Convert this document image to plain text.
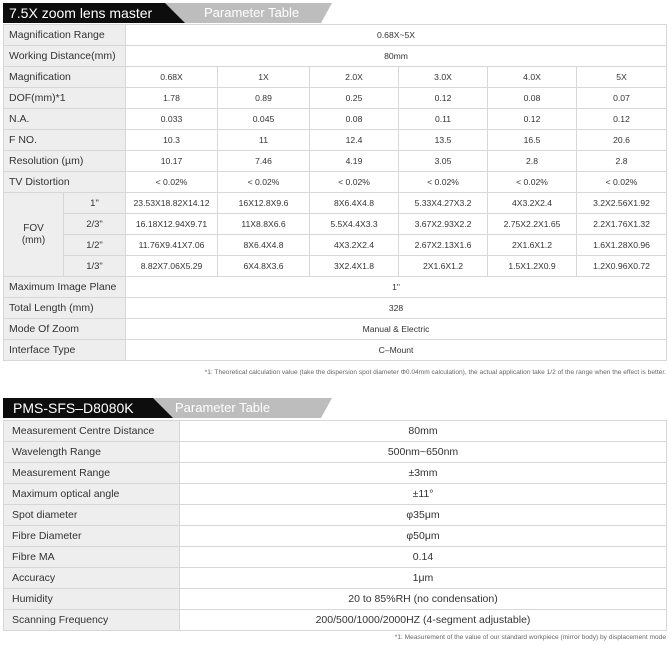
7.5X zoom lens master	Parameter Table
Magnification Range		0.68X~5X					
Working Distance(mm)		80mm					
Magnification		0.68X	1X	2.0X	3.0X	4.0X	5X
DOF(mm)*1		1.78	0.89	0.25	0.12	0.08	0.07
N.A.		0.033	0.045	0.08	0.11	0.12	0.12
F NO.		10.3	11	12.4	13.5	16.5	20.6
Resolution (µm)		10.17	7.46	4.19	3.05	2.8	2.8
TV Distortion		< 0.02%	< 0.02%	< 0.02%	< 0.02%	< 0.02%	< 0.02%

FOV
(mm)	1"	23.53X18.82X14.12	16X12.8X9.6	8X6.4X4.8	5.33X4.27X3.2	4X3.2X2.4	3.2X2.56X1.92
	2/3"	16.18X12.94X9.71	11X8.8X6.6	5.5X4.4X3.3	3.67X2.93X2.2	2.75X2.2X1.65	2.2X1.76X1.32
	1/2"	11.76X9.41X7.06	8X6.4X4.8	4X3.2X2.4	2.67X2.13X1.6	2X1.6X1.2	1.6X1.28X0.96
	1/3"	8.82X7.06X5.29	6X4.8X3.6	3X2.4X1.8	2X1.6X1.2	1.5X1.2X0.9	1.2X0.96X0.72
Maximum Image Plane		1"					
Total Length (mm)		328					
Mode Of Zoom		Manual & Electric					
Interface Type		C–Mount					
*1: Theoretical calculation value (take the dispersion spot diameter Φ0.04mm calculation), the actual application take 1/2 of the range when the effect is better.
PMS-SFS–D8080K	Parameter Table
Measurement Centre Distance	80mm
Wavelength Range	500nm~650nm
Measurement Range	±3mm
Maximum optical angle	±11°
Spot diameter	φ35μm
Fibre Diameter	φ50μm
Fibre MA	0.14
Accuracy	1μm
Humidity	20 to 85%RH (no condensation)
Scanning Frequency	200/500/1000/2000HZ (4-segment adjustable)
*1: Measurement of the value of our standard workpiece (mirror body) by displacement mode
